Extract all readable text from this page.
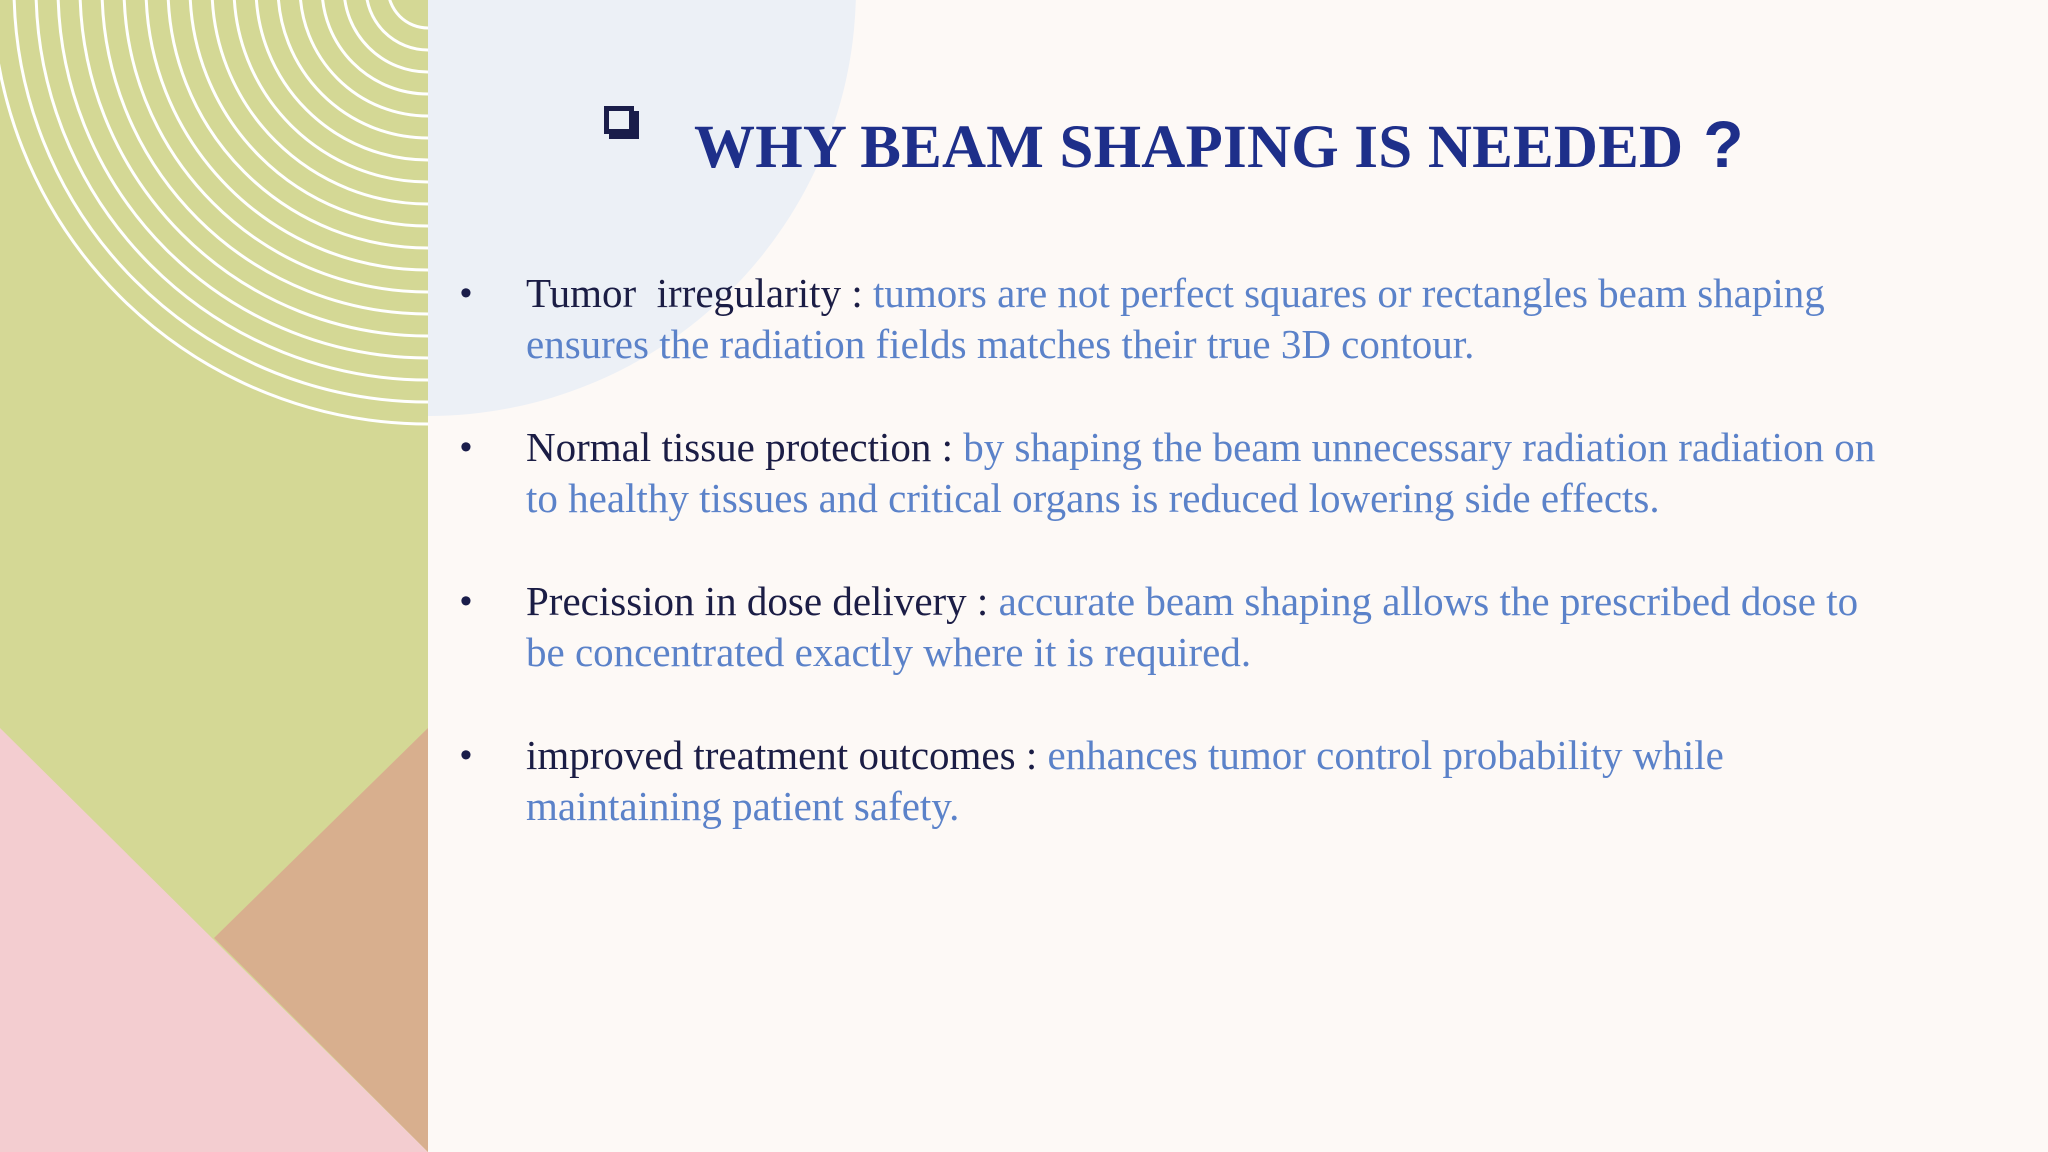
WHY BEAM SHAPING IS NEEDED ?
•	Tumor  irregularity : tumors are not perfect squares or rectangles beam shaping ensures the radiation fields matches their true 3D contour.
•	Normal tissue protection : by shaping the beam unnecessary radiation radiation on to healthy tissues and critical organs is reduced lowering side effects.
•	Precission in dose delivery : accurate beam shaping allows the prescribed dose to be concentrated exactly where it is required.
•	improved treatment outcomes : enhances tumor control probability while maintaining patient safety.
